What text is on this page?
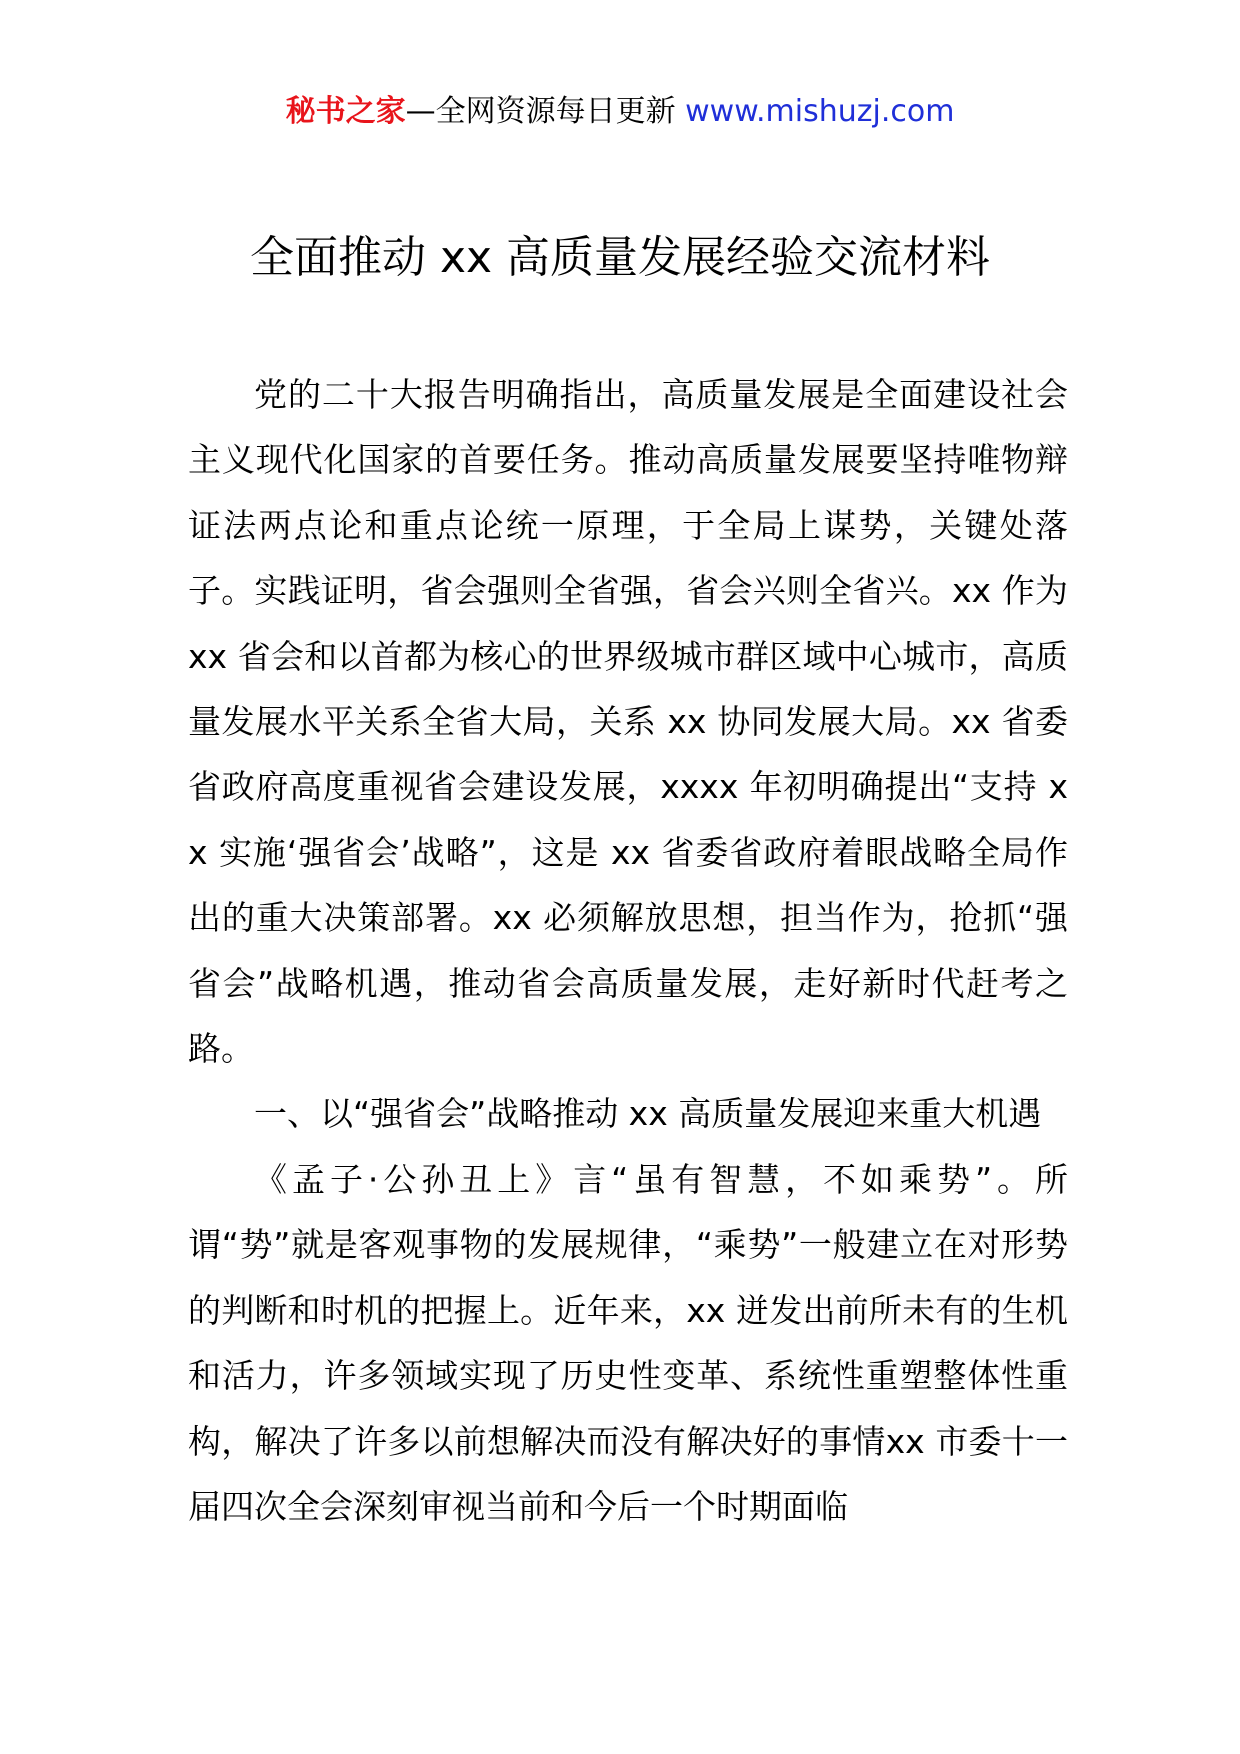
秘书之家—全网资源每日更新 www.mishuzj.com
全面推动 xx 高质量发展经验交流材料

党的二十大报告明确指出，高质量发展是全面建设社会主义现代化国家的首要任务。推动高质量发展要坚持唯物辩证法两点论和重点论统一原理，于全局上谋势，关键处落子。实践证明，省会强则全省强，省会兴则全省兴。xx 作为 xx 省会和以首都为核心的世界级城市群区域中心城市，高质量发展水平关系全省大局，关系 xx 协同发展大局。xx 省委省政府高度重视省会建设发展，xxxx 年初明确提出“支持 xx 实施‘强省会’战略”，这是 xx 省委省政府着眼战略全局作出的重大决策部署。xx 必须解放思想，担当作为，抢抓“强省会”战略机遇，推动省会高质量发展，走好新时代赶考之路。

一、以“强省会”战略推动 xx 高质量发展迎来重大机遇

《孟子·公孙丑上》言“虽有智慧，不如乘势”。所谓“势”就是客观事物的发展规律，“乘势”一般建立在对形势的判断和时机的把握上。近年来，xx 迸发出前所未有的生机和活力，许多领域实现了历史性变革、系统性重塑整体性重构，解决了许多以前想解决而没有解决好的事情xx 市委十一届四次全会深刻审视当前和今后一个时期面临
